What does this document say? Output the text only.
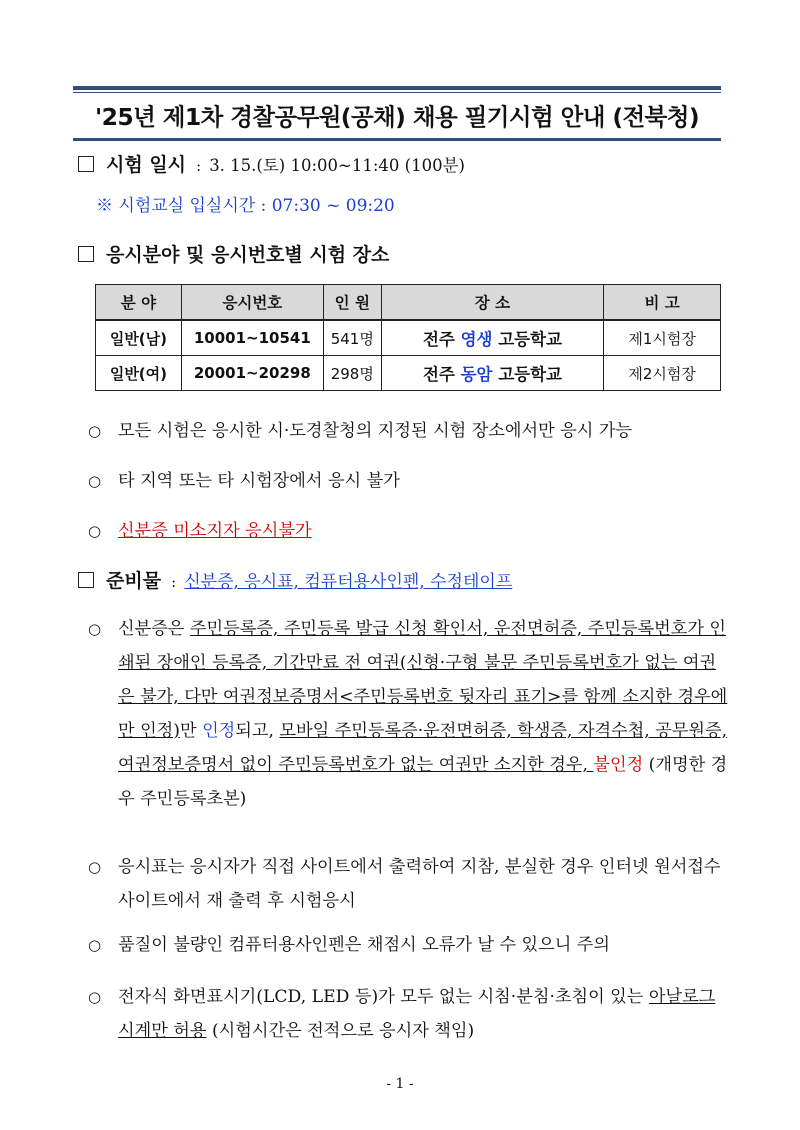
'25년 제1차 경찰공무원(공채) 채용 필기시험 안내 (전북청)
시험 일시 : 3. 15.(토) 10:00~11:40 (100분)
※ 시험교실 입실시간 : 07:30 ~ 09:20
응시분야 및 응시번호별 시험 장소
분 야	응시번호	인 원	장 소	비 고
일반(남)	10001~10541	541명	전주 영생 고등학교	제1시험장
일반(여)	20001~20298	298명	전주 동암 고등학교	제2시험장
○ 모든 시험은 응시한 시·도경찰청의 지정된 시험 장소에서만 응시 가능
○ 타 지역 또는 타 시험장에서 응시 불가
○ 신분증 미소지자 응시불가
준비물 : 신분증, 응시표, 컴퓨터용사인펜, 수정테이프
○ 신분증은 주민등록증, 주민등록 발급 신청 확인서, 운전면허증, 주민등록번호가 인쇄된 장애인 등록증, 기간만료 전 여권(신형·구형 불문 주민등록번호가 없는 여권은 불가, 다만 여권정보증명서<주민등록번호 뒷자리 표기>를 함께 소지한 경우에만 인정)만 인정되고, 모바일 주민등록증·운전면허증, 학생증, 자격수첩, 공무원증, 여권정보증명서 없이 주민등록번호가 없는 여권만 소지한 경우, 불인정 (개명한 경우 주민등록초본)
○ 응시표는 응시자가 직접 사이트에서 출력하여 지참, 분실한 경우 인터넷 원서접수사이트에서 재 출력 후 시험응시
○ 품질이 불량인 컴퓨터용사인펜은 채점시 오류가 날 수 있으니 주의
○ 전자식 화면표시기(LCD, LED 등)가 모두 없는 시침·분침·초침이 있는 아날로그 시계만 허용 (시험시간은 전적으로 응시자 책임)
- 1 -
